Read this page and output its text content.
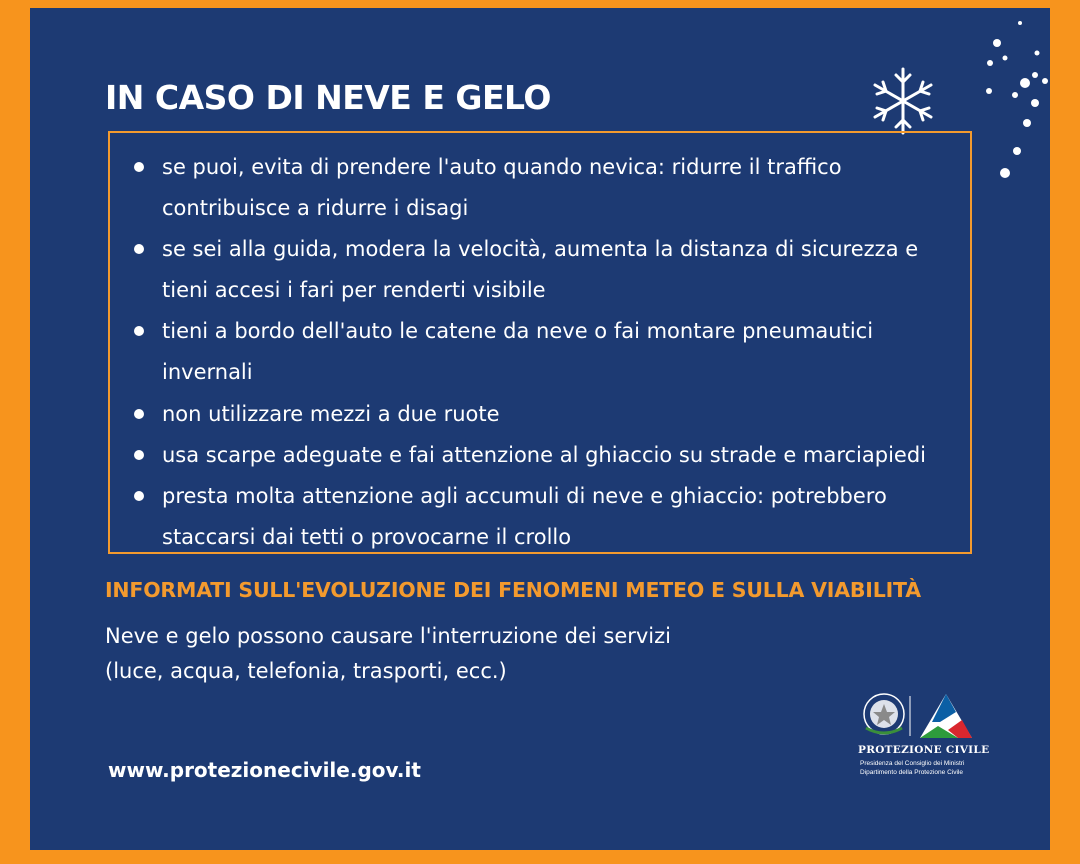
IN CASO DI NEVE E GELO
se puoi, evita di prendere l'auto quando nevica: ridurre il traffico
contribuisce a ridurre i disagi
se sei alla guida, modera la velocità, aumenta la distanza di sicurezza e
tieni accesi i fari per renderti visibile
tieni a bordo dell'auto le catene da neve o fai montare pneumautici
invernali
non utilizzare mezzi a due ruote
usa scarpe adeguate e fai attenzione al ghiaccio su strade e marciapiedi
presta molta attenzione agli accumuli di neve e ghiaccio: potrebbero
staccarsi dai tetti o provocarne il crollo
INFORMATI SULL'EVOLUZIONE DEI FENOMENI METEO E SULLA VIABILITÀ
Neve e gelo possono causare l'interruzione dei servizi
(luce, acqua, telefonia, trasporti, ecc.)
www.protezionecivile.gov.it
PROTEZIONE CIVILE
Presidenza del Consiglio dei Ministri
Dipartimento della Protezione Civile
